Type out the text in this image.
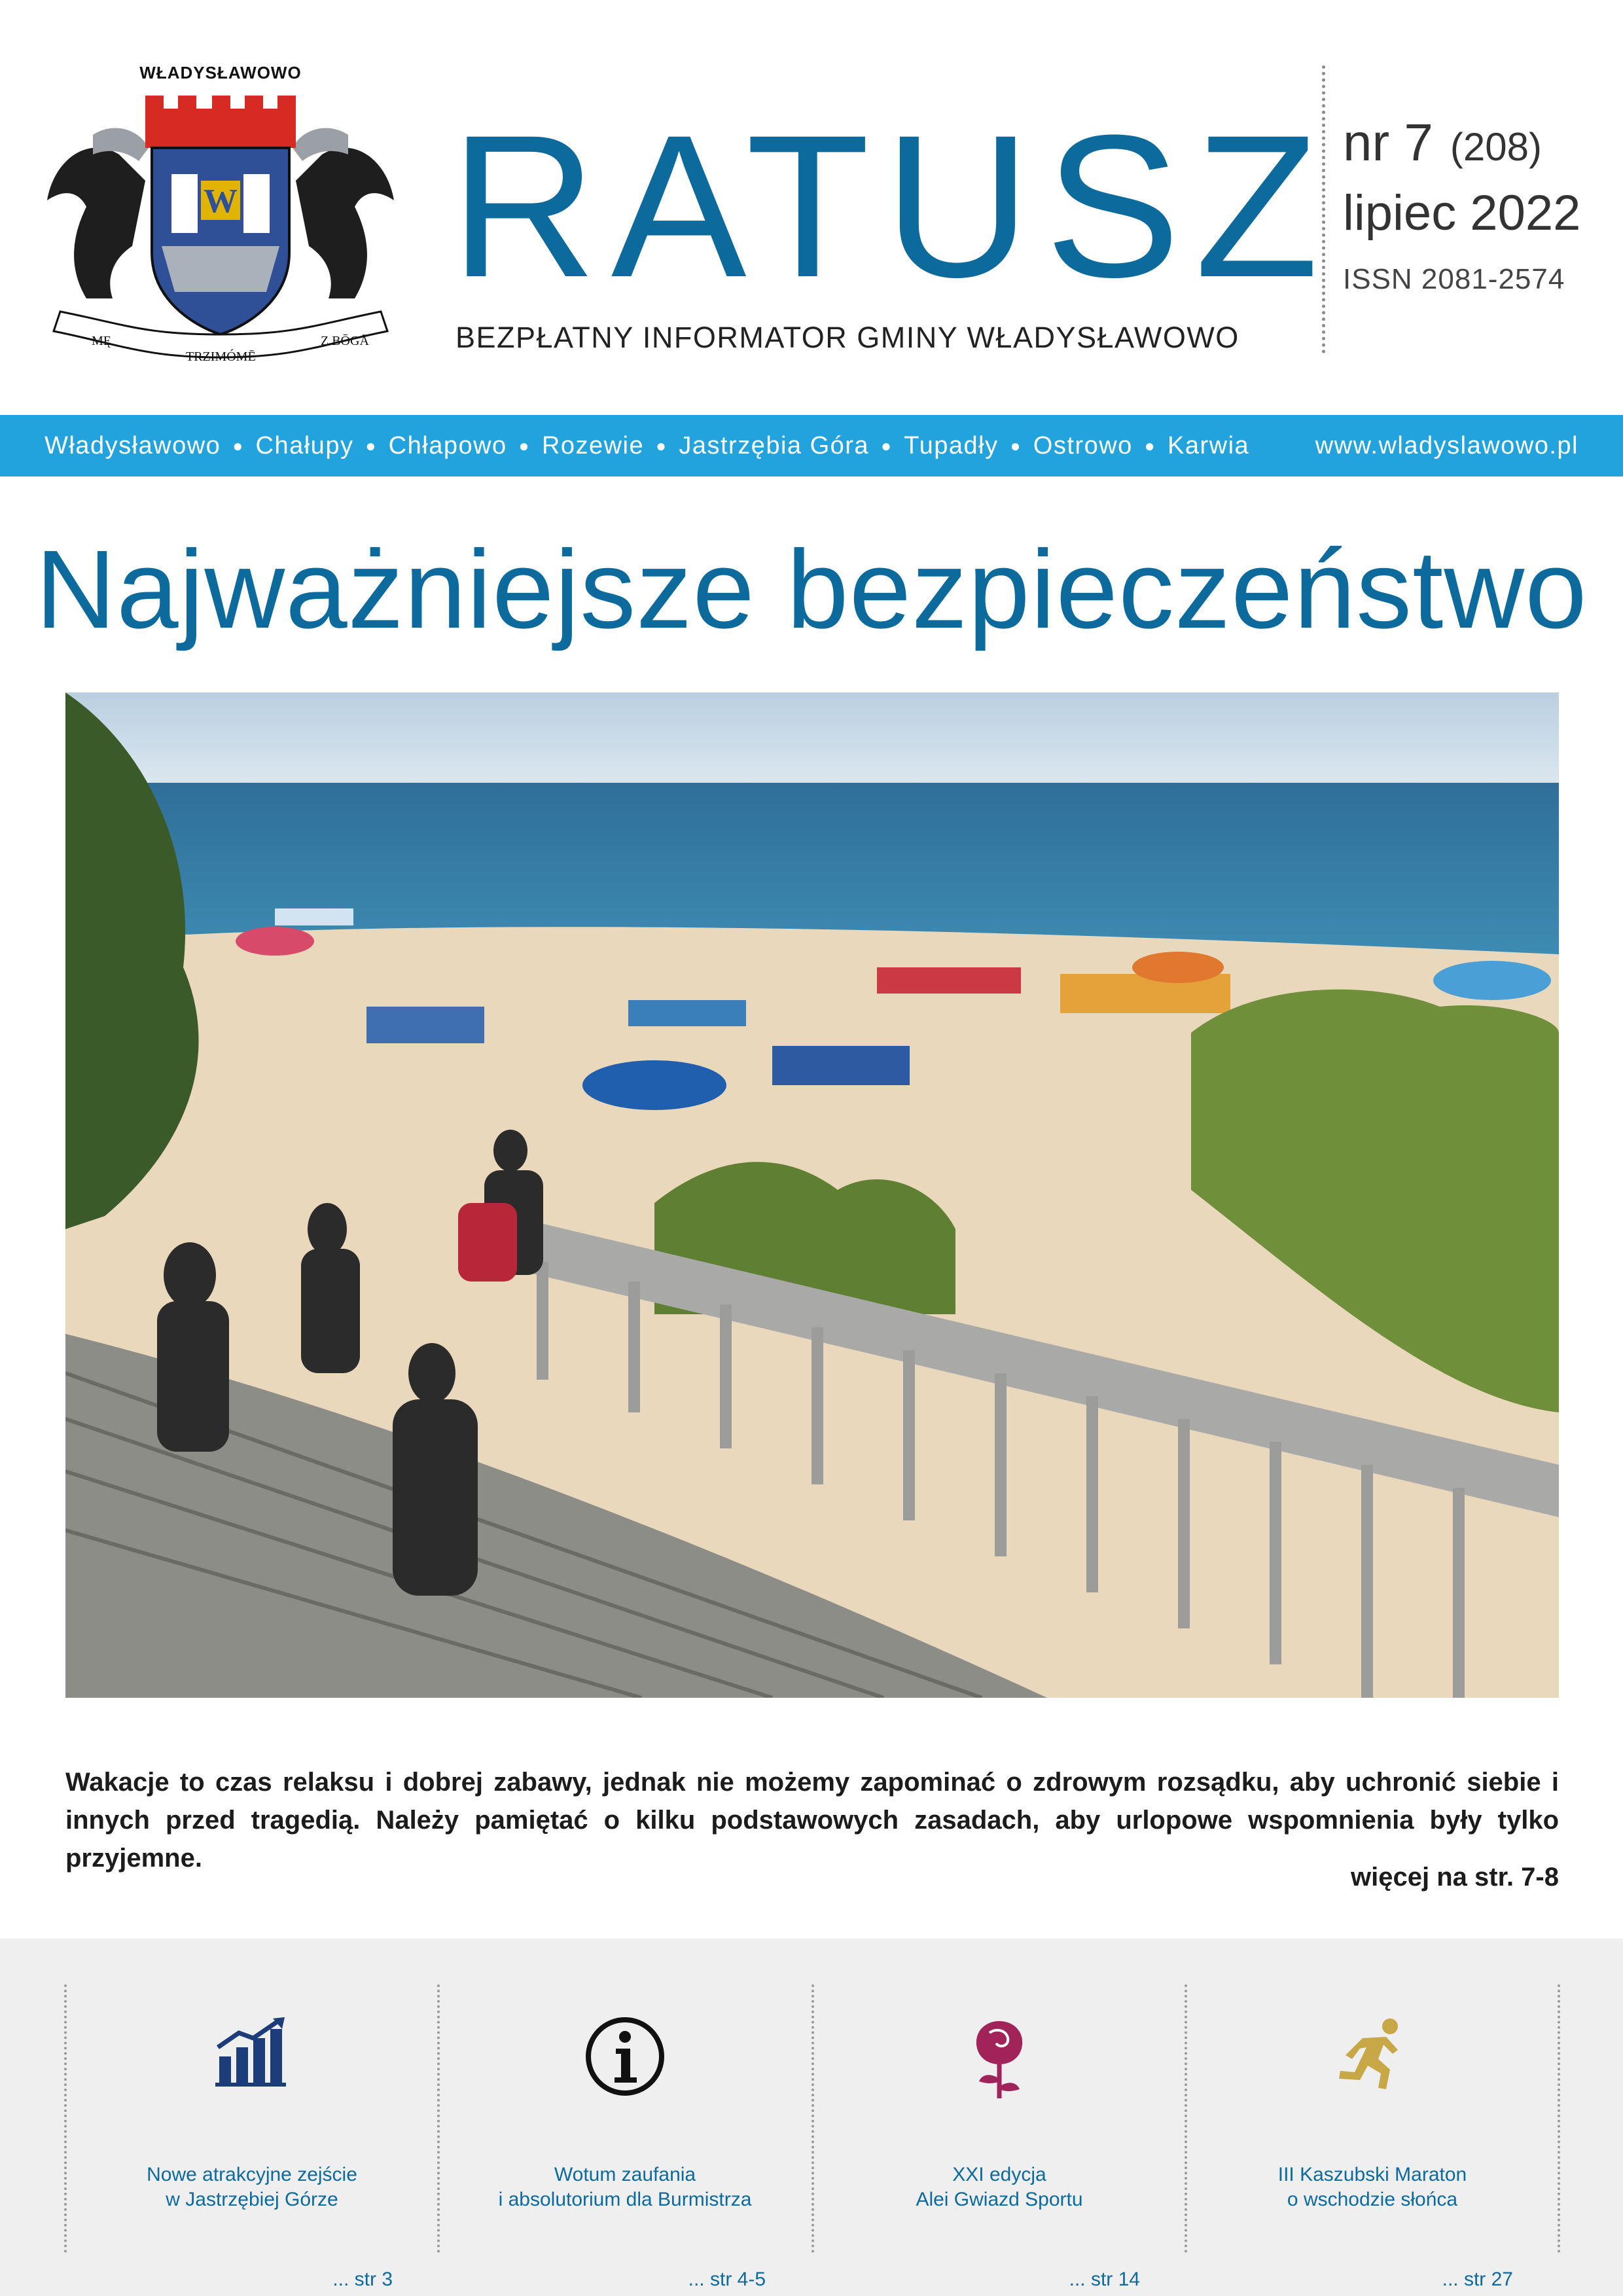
WŁADYSŁAWOWO
W
MĘ
TRZIMÓMĒ
Z BŌGĀ
RATUSZ
BEZPŁATNY INFORMATOR GMINY WŁADYSŁAWOWO
nr 7 (208)
lipiec 2022
ISSN 2081-2574
Władysławowo ● Chałupy ● Chłapowo ● Rozewie ● Jastrzębia Góra ● Tupadły ● Ostrowo ● Karwia	www.wladyslawowo.pl
Najważniejsze bezpieczeństwo
Wakacje to czas relaksu i dobrej zabawy, jednak nie możemy zapominać o zdrowym rozsądku, aby uchronić siebie i innych przed tragedią. Należy pamiętać o kilku podstawowych zasadach, aby urlopowe wspomnienia były tylko przyjemne.
więcej na str. 7-8
Nowe atrakcyjne zejście
w Jastrzębiej Górze
... str 3
Wotum zaufania
i absolutorium dla Burmistrza
... str 4-5
XXI edycja
Alei Gwiazd Sportu
... str 14
III Kaszubski Maraton
o wschodzie słońca
... str 27
